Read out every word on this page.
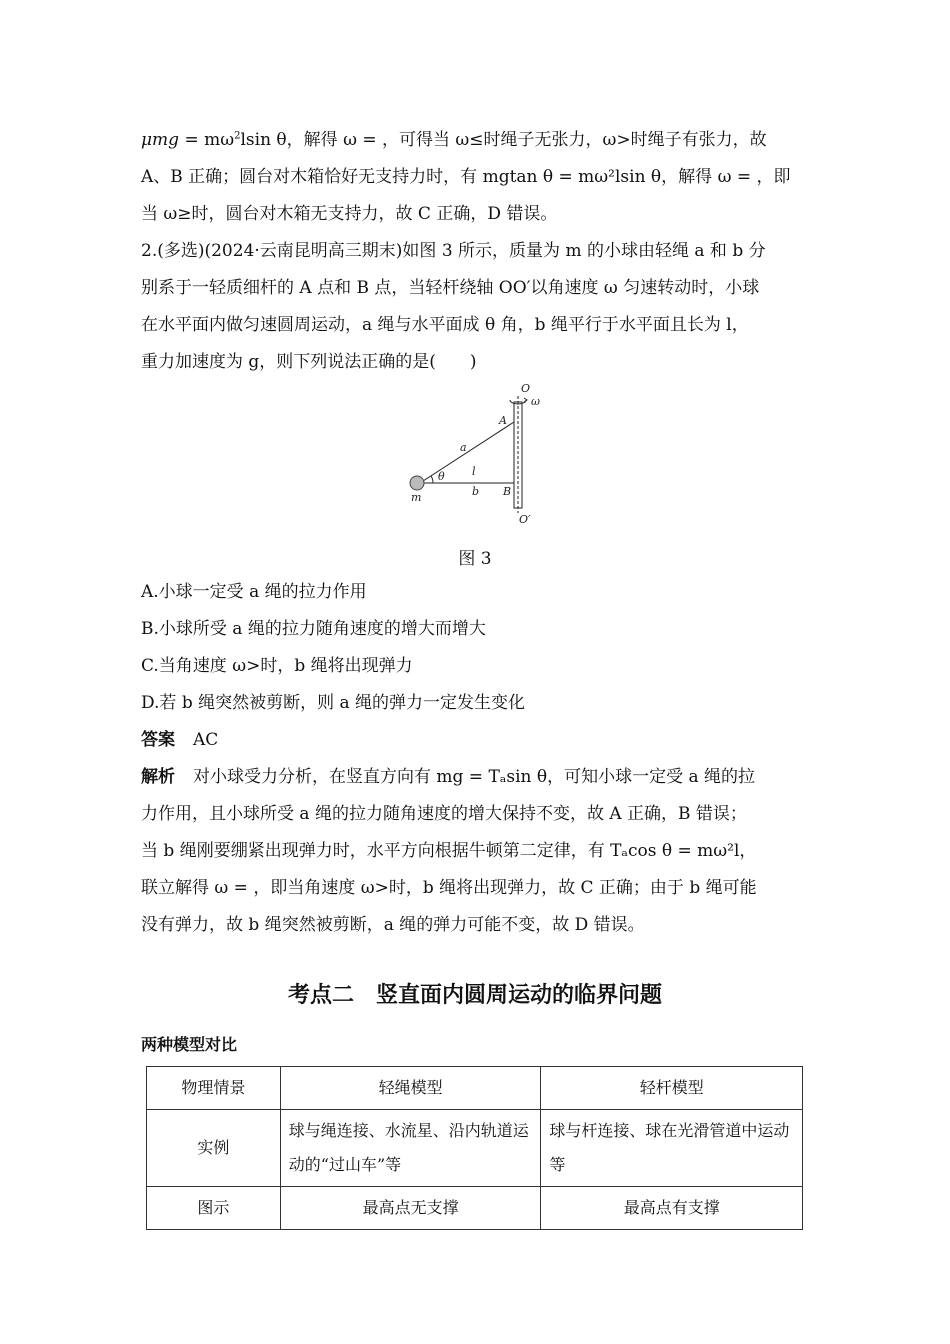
$\mu mg = m\omega^2lsin$ θ，解得 ω = ，可得当 ω≤时绳子无张力，ω>时绳子有张力，故

A、B 正确；圆台对木箱恰好无支持力时，有 mgtan θ = mω²lsin θ，解得 ω = ，即

当 ω≥时，圆台对木箱无支持力，故 C 正确，D 错误。

2.(多选)(2024·云南昆明高三期末)如图 3 所示，质量为 m 的小球由轻绳 a 和 b 分

别系于一轻质细杆的 A 点和 B 点，当轻杆绕轴 OO′以角速度 ω 匀速转动时，小球

在水平面内做匀速圆周运动，a 绳与水平面成 θ 角，b 绳平行于水平面且长为 l，

重力加速度为 g，则下列说法正确的是(　　)

O
ω
A
a
l
θ
b B
m
O′
图 3

A.小球一定受 a 绳的拉力作用

B.小球所受 a 绳的拉力随角速度的增大而增大

C.当角速度 ω>时，b 绳将出现弹力

D.若 b 绳突然被剪断，则 a 绳的弹力一定发生变化

答案 AC

解析 对小球受力分析，在竖直方向有 mg = Tₐsin θ，可知小球一定受 a 绳的拉

力作用，且小球所受 a 绳的拉力随角速度的增大保持不变，故 A 正确，B 错误；

当 b 绳刚要绷紧出现弹力时，水平方向根据牛顿第二定律，有 Tₐcos θ = mω²l，

联立解得 ω = ，即当角速度 ω>时，b 绳将出现弹力，故 C 正确；由于 b 绳可能

没有弹力，故 b 绳突然被剪断，a 绳的弹力可能不变，故 D 错误。

考点二　竖直面内圆周运动的临界问题
两种模型对比
物理情景	轻绳模型	轻杆模型
实例	球与绳连接、水流星、沿内轨道运动的“过山车”等	球与杆连接、球在光滑管道中运动等
图示	最高点无支撑	最高点有支撑
